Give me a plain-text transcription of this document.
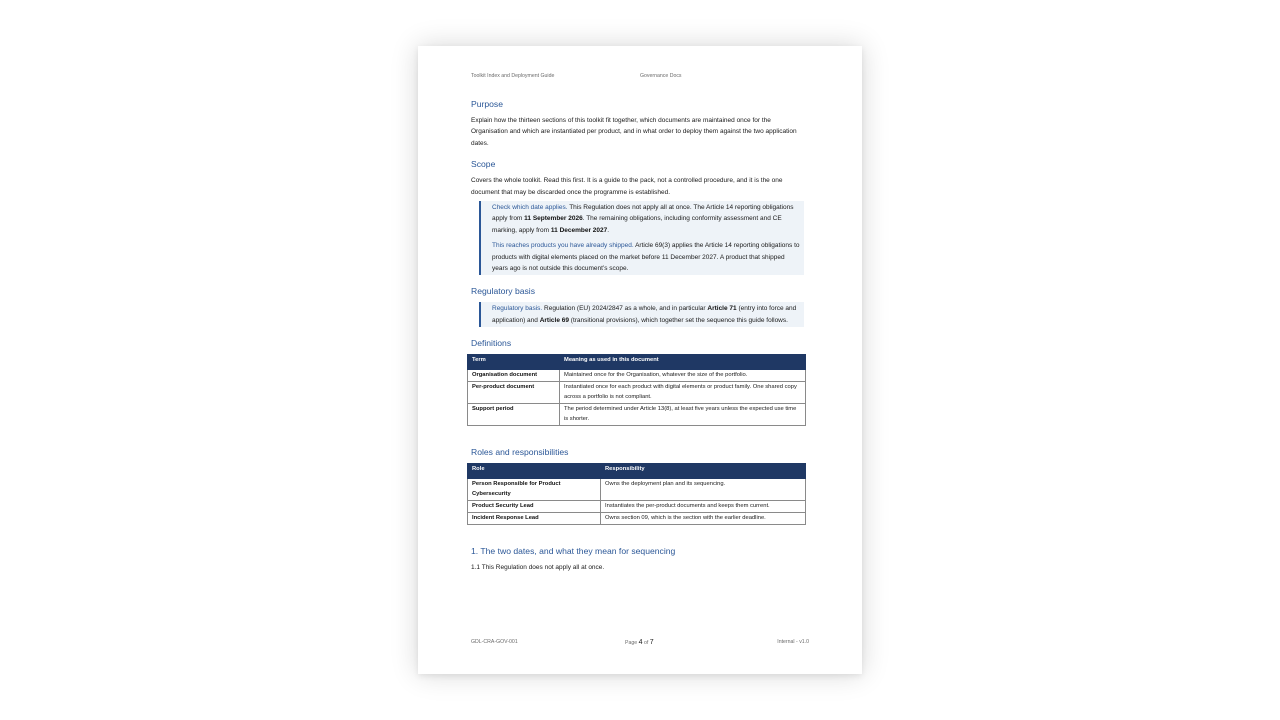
Toolkit Index and Deployment Guide	Governance Docs
Purpose

Explain how the thirteen sections of this toolkit fit together, which documents are maintained once for the Organisation and which are instantiated per product, and in what order to deploy them against the two application dates.

Scope

Covers the whole toolkit. Read this first. It is a guide to the pack, not a controlled procedure, and it is the one document that may be discarded once the programme is established.

Check which date applies. This Regulation does not apply all at once. The Article 14 reporting obligations apply from 11 September 2026. The remaining obligations, including conformity assessment and CE marking, apply from 11 December 2027.

This reaches products you have already shipped. Article 69(3) applies the Article 14 reporting obligations to products with digital elements placed on the market before 11 December 2027. A product that shipped years ago is not outside this document’s scope.

Regulatory basis

Regulatory basis. Regulation (EU) 2024/2847 as a whole, and in particular Article 71 (entry into force and application) and Article 69 (transitional provisions), which together set the sequence this guide follows.

Definitions
Term	Meaning as used in this document
Organisation document	Maintained once for the Organisation, whatever the size of the portfolio.
Per-product document	Instantiated once for each product with digital elements or product family. One shared copy across a portfolio is not compliant.
Support period	The period determined under Article 13(8), at least five years unless the expected use time is shorter.
Roles and responsibilities
Role	Responsibility
Person Responsible for Product Cybersecurity	Owns the deployment plan and its sequencing.
Product Security Lead	Instantiates the per-product documents and keeps them current.
Incident Response Lead	Owns section 09, which is the section with the earlier deadline.
1. The two dates, and what they mean for sequencing

1.1 This Regulation does not apply all at once.

GDL-CRA-GOV-001	Page 4 of 7	Internal - v1.0
